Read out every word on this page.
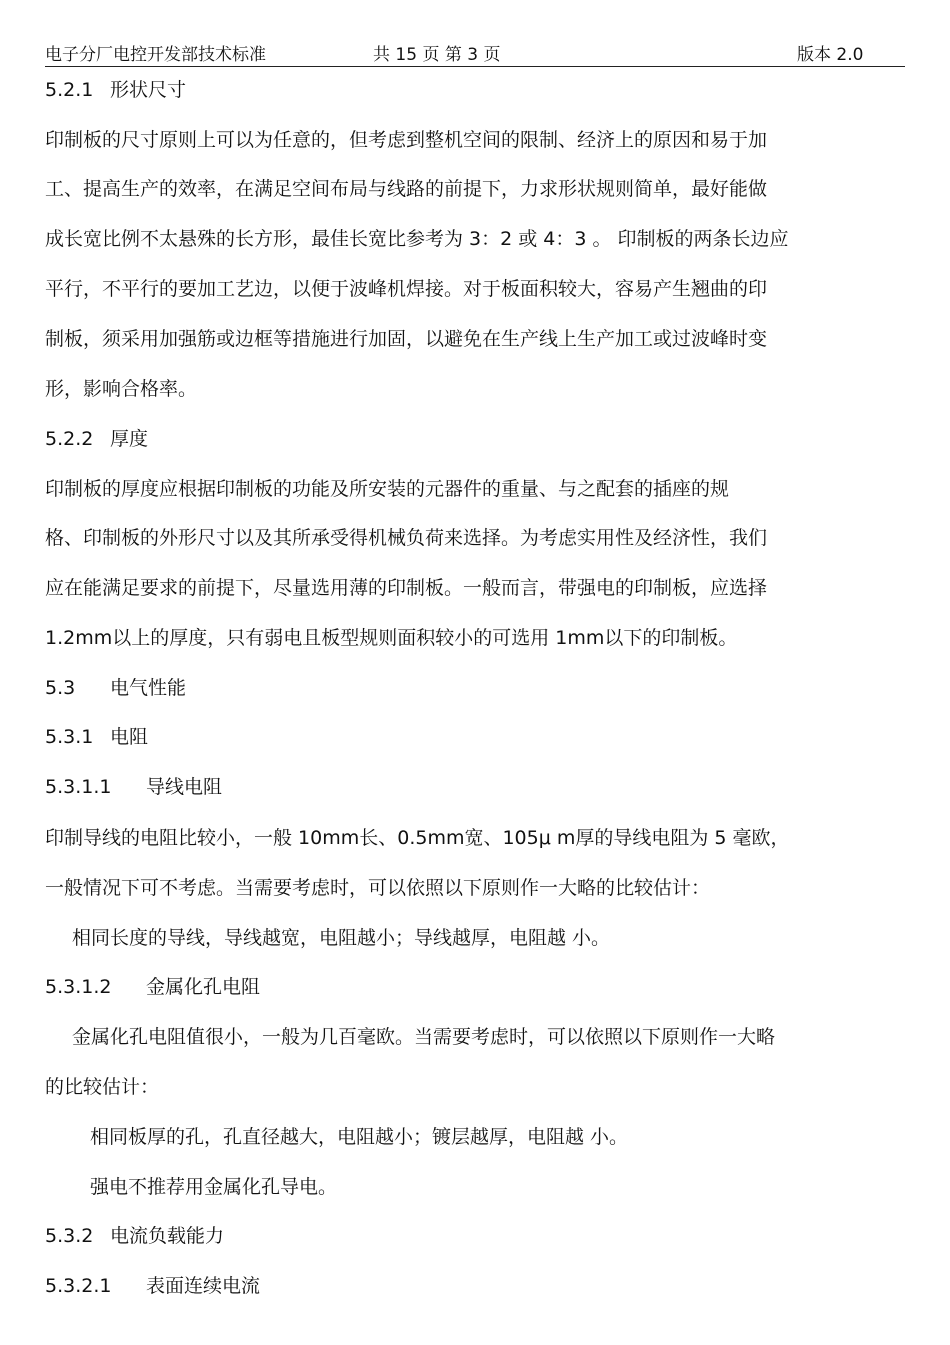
电子分厂电控开发部技术标准	共 15 页 第 3 页	版本 2.0
5.2.1 形状尺寸
印制板的尺寸原则上可以为任意的，但考虑到整机空间的限制、经济上的原因和易于加
工、提高生产的效率，在满足空间布局与线路的前提下，力求形状规则简单，最好能做
成长宽比例不太悬殊的长方形，最佳长宽比参考为 3：2 或 4：3 。 印制板的两条长边应
平行，不平行的要加工艺边，以便于波峰机焊接。对于板面积较大，容易产生翘曲的印
制板，须采用加强筋或边框等措施进行加固，以避免在生产线上生产加工或过波峰时变
形，影响合格率。
5.2.2 厚度
印制板的厚度应根据印制板的功能及所安装的元器件的重量、与之配套的插座的规
格、印制板的外形尺寸以及其所承受得机械负荷来选择。为考虑实用性及经济性，我们
应在能满足要求的前提下，尽量选用薄的印制板。一般而言，带强电的印制板，应选择
1.2mm以上的厚度，只有弱电且板型规则面积较小的可选用 1mm以下的印制板。
5.3 电气性能
5.3.1 电阻
5.3.1.1 导线电阻
印制导线的电阻比较小，一般 10mm长、0.5mm宽、105μ m厚的导线电阻为 5 毫欧，
一般情况下可不考虑。当需要考虑时，可以依照以下原则作一大略的比较估计：
相同长度的导线，导线越宽，电阻越小；导线越厚，电阻越 小。
5.3.1.2 金属化孔电阻
金属化孔电阻值很小，一般为几百毫欧。当需要考虑时，可以依照以下原则作一大略
的比较估计：
相同板厚的孔，孔直径越大，电阻越小；镀层越厚，电阻越 小。
强电不推荐用金属化孔导电。
5.3.2 电流负载能力
5.3.2.1 表面连续电流
